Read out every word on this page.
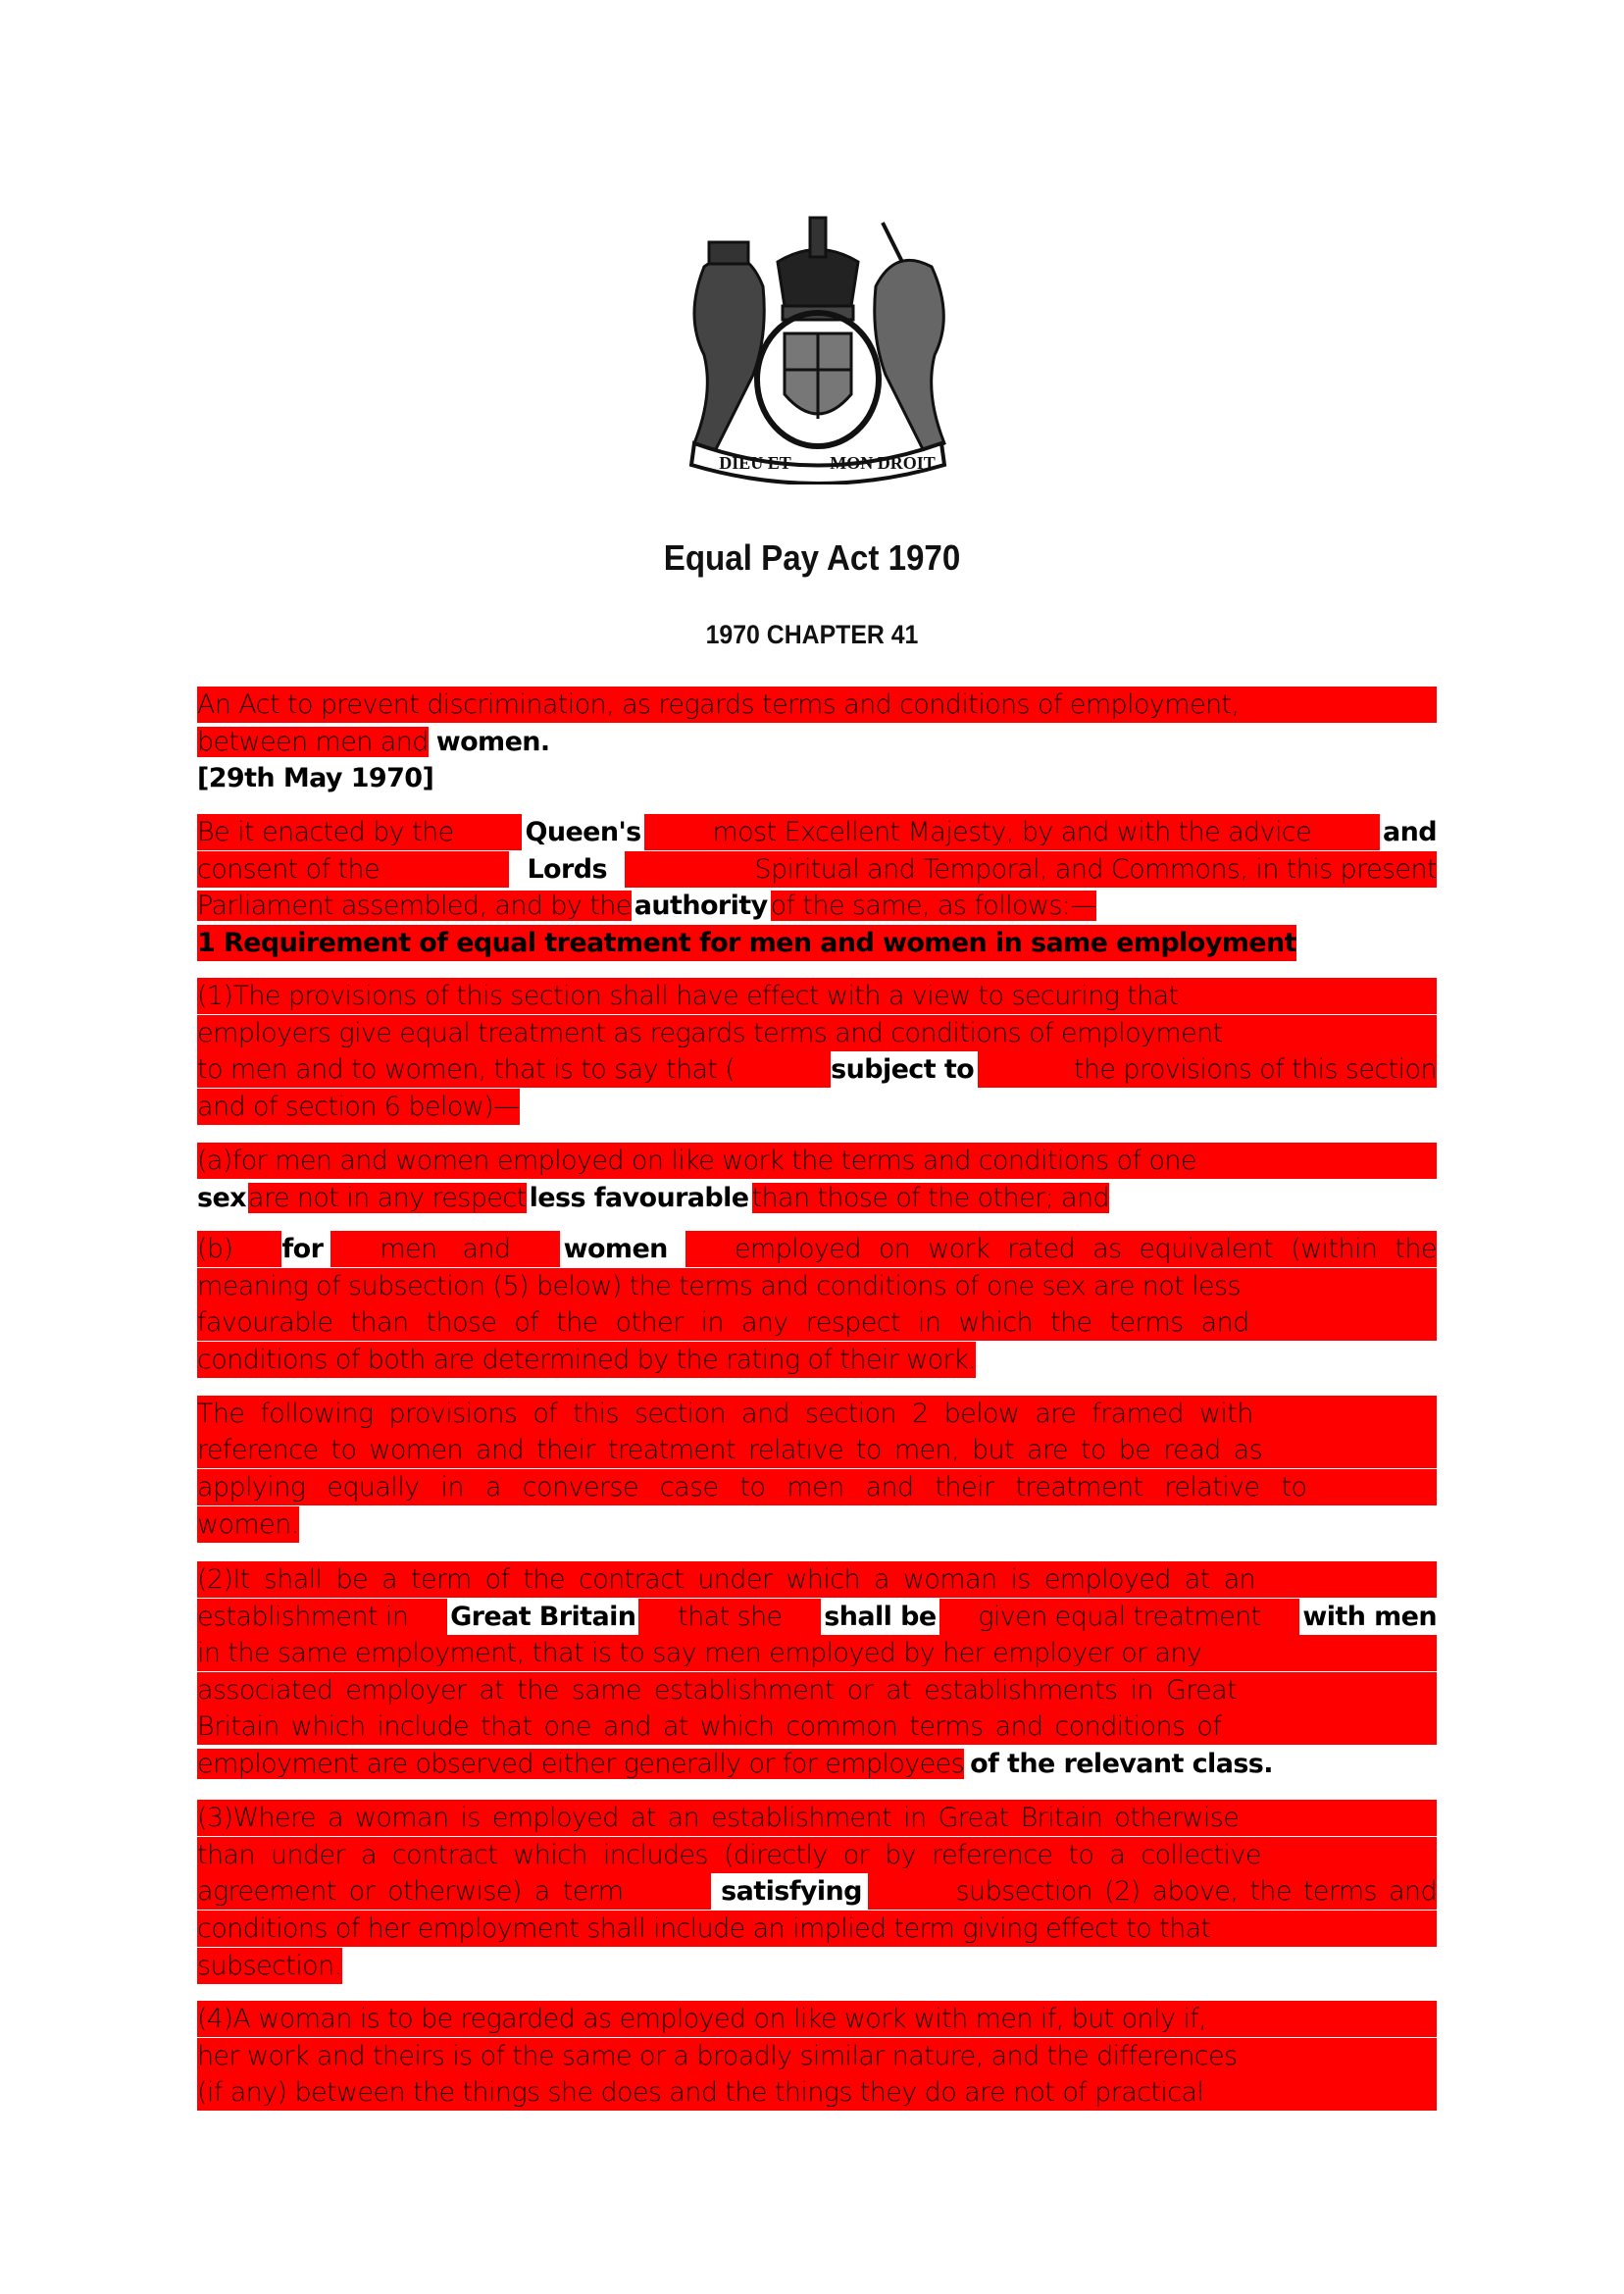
DIEU ET MON DROIT
Equal Pay Act 1970
1970 CHAPTER 41
An Act to prevent discrimination, as regards terms and conditions of employment,
between men and women.
[29th May 1970]
Be it enacted by the	Queen's	most Excellent Majesty, by and with the advice	and
consent of the	Lords	Spiritual and Temporal, and Commons, in this present
Parliament assembled, and by the authority of the same, as follows:—
1 Requirement of equal treatment for men and women in same employment
(1)The provisions of this section shall have effect with a view to securing that
employers give equal treatment as regards terms and conditions of employment
to men and to women, that is to say that (	subject to	the provisions of this section
and of section 6 below)—
(a)for men and women employed on like work the terms and conditions of one
sexare not in any respect less favourable than those of the other; and
(b) for men and women	employed on work rated as equivalent (within the
meaning of subsection (5) below) the terms and conditions of one sex are not less
favourable than those of the other in any respect in which the terms and
conditions of both are determined by the rating of their work.
The following provisions of this section and section 2 below are framed with
reference to women and their treatment relative to men, but are to be read as
applying equally in a converse case to men and their treatment relative to
women.
(2)It shall be a term of the contract under which a woman is employed at an
establishment in Great Britain that she shall be given equal treatment with men
in the same employment, that is to say men employed by her employer or any
associated employer at the same establishment or at establishments in Great
Britain which include that one and at which common terms and conditions of
employment are observed either generally or for employees of the relevant class.
(3)Where a woman is employed at an establishment in Great Britain otherwise
than under a contract which includes (directly or by reference to a collective
agreement or otherwise) a term	satisfying	subsection (2) above, the terms and
conditions of her employment shall include an implied term giving effect to that
subsection.
(4)A woman is to be regarded as employed on like work with men if, but only if,
her work and theirs is of the same or a broadly similar nature, and the differences
(if any) between the things she does and the things they do are not of practical
